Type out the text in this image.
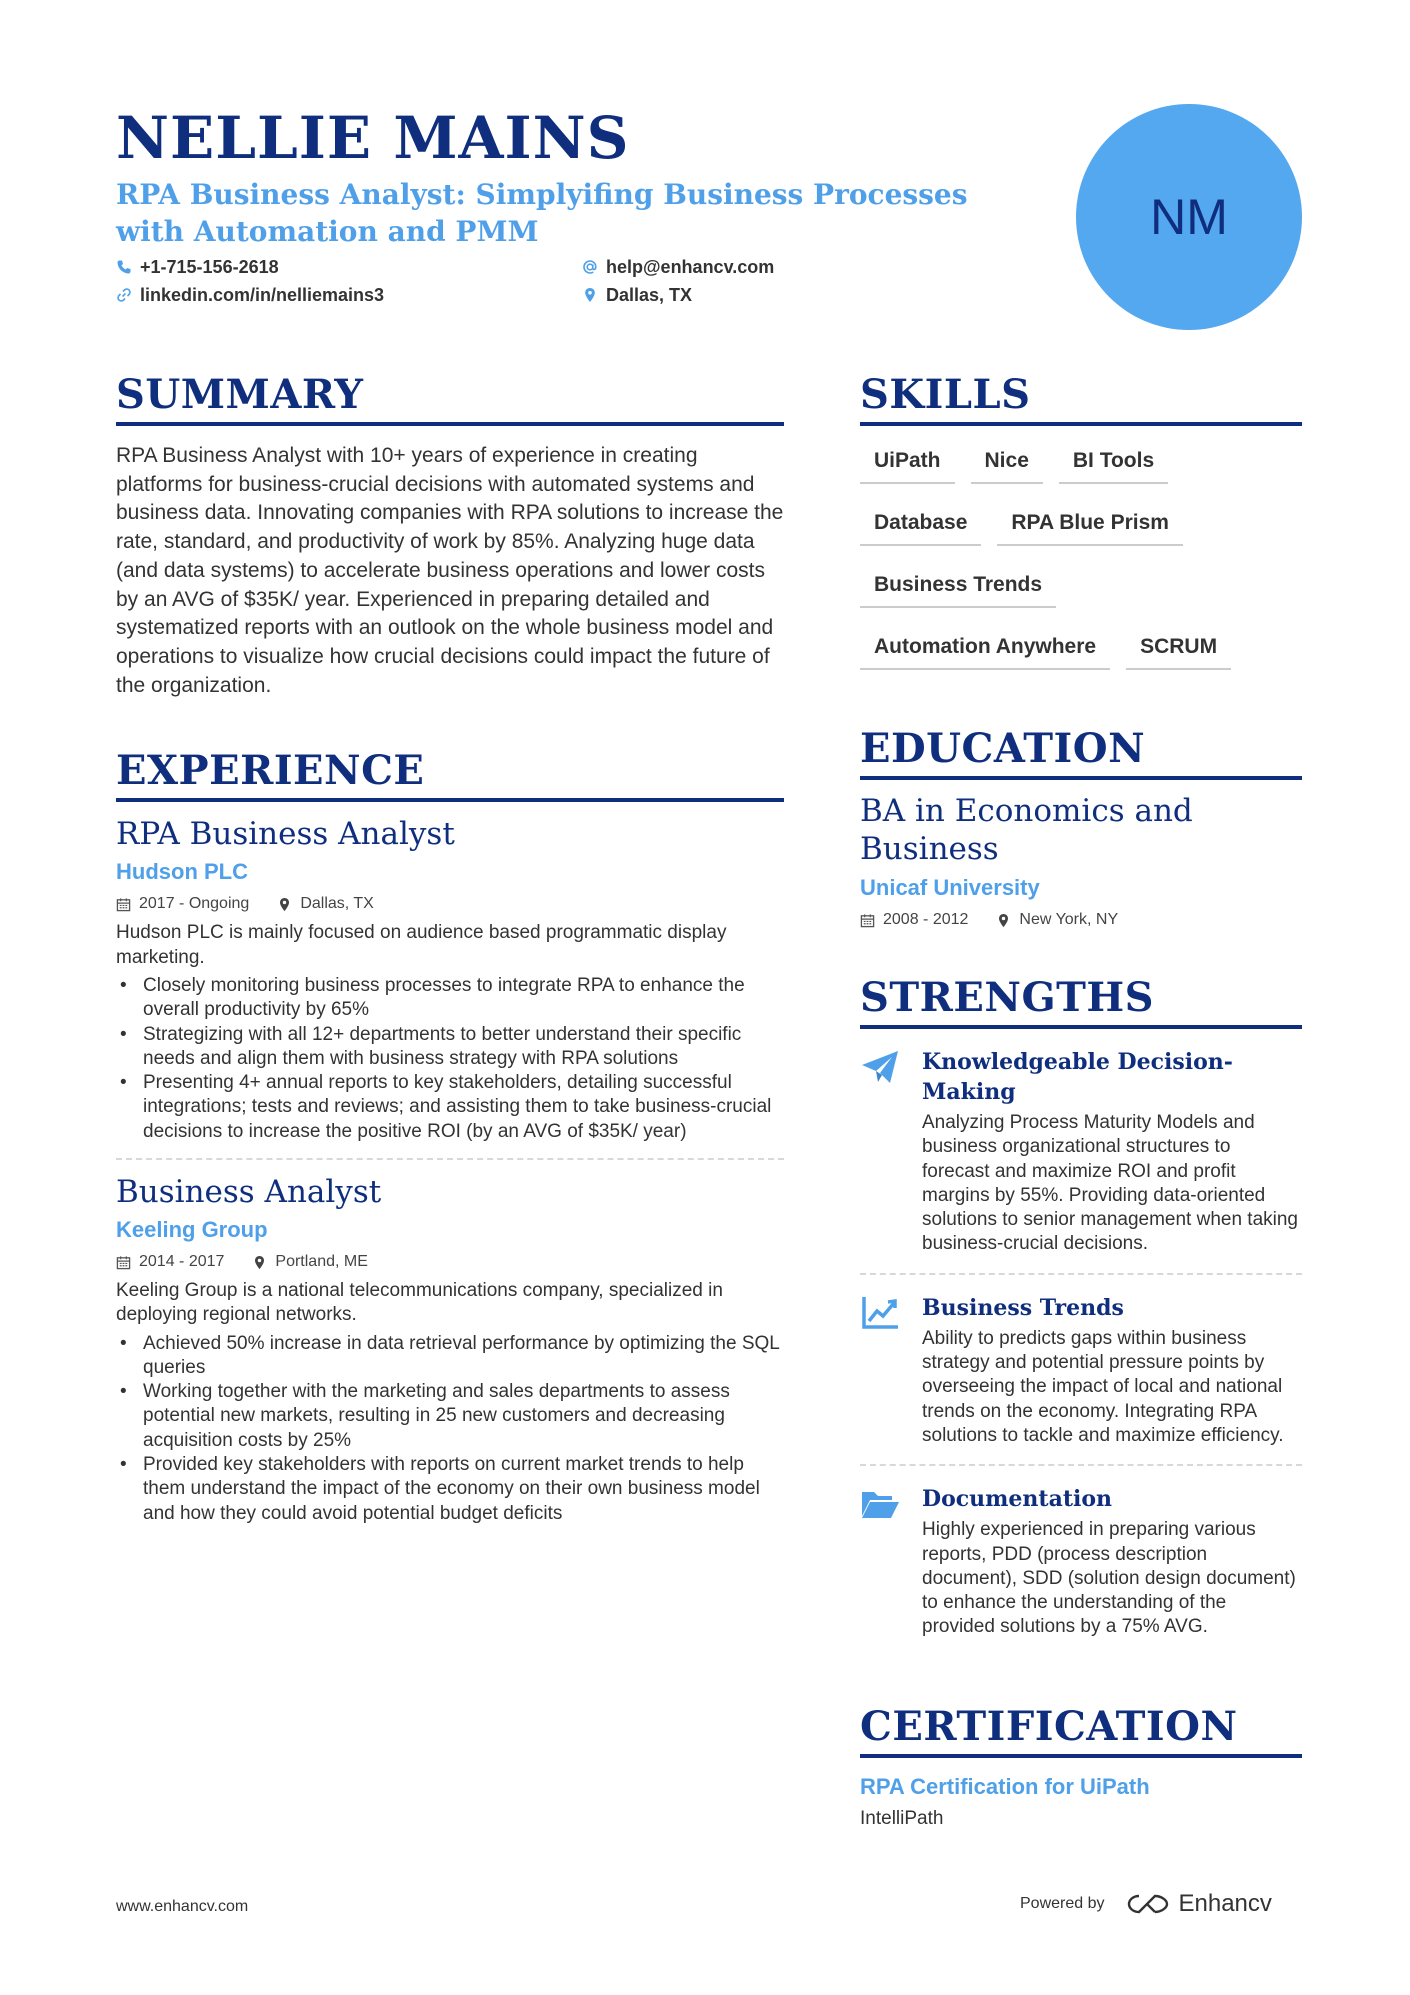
NELLIE MAINS
RPA Business Analyst: Simplyifing Business Processes with Automation and PMM
+1-715-156-2618	help@enhancv.com
linkedin.com/in/nelliemains3	Dallas, TX
NM
SUMMARY
RPA Business Analyst with 10+ years of experience in creating platforms for business-crucial decisions with automated systems and business data. Innovating companies with RPA solutions to increase the rate, standard, and productivity of work by 85%. Analyzing huge data (and data systems) to accelerate business operations and lower costs by an AVG of $35K/ year. Experienced in preparing detailed and systematized reports with an outlook on the whole business model and operations to visualize how crucial decisions could impact the future of the organization.
EXPERIENCE
RPA Business Analyst
Hudson PLC
2017 - Ongoing	Dallas, TX
Hudson PLC is mainly focused on audience based programmatic display marketing.
• Closely monitoring business processes to integrate RPA to enhance the overall productivity by 65%
• Strategizing with all 12+ departments to better understand their specific needs and align them with business strategy with RPA solutions
• Presenting 4+ annual reports to key stakeholders, detailing successful integrations; tests and reviews; and assisting them to take business-crucial decisions to increase the positive ROI (by an AVG of $35K/ year)
Business Analyst
Keeling Group
2014 - 2017	Portland, ME
Keeling Group is a national telecommunications company, specialized in deploying regional networks.
• Achieved 50% increase in data retrieval performance by optimizing the SQL queries
• Working together with the marketing and sales departments to assess potential new markets, resulting in 25 new customers and decreasing acquisition costs by 25%
• Provided key stakeholders with reports on current market trends to help them understand the impact of the economy on their own business model and how they could avoid potential budget deficits
SKILLS
UiPath	Nice	BI Tools
Database	RPA Blue Prism
Business Trends
Automation Anywhere	SCRUM
EDUCATION
BA in Economics and Business
Unicaf University
2008 - 2012	New York, NY
STRENGTHS
Knowledgeable Decision-Making
Analyzing Process Maturity Models and business organizational structures to forecast and maximize ROI and profit margins by 55%. Providing data-oriented solutions to senior management when taking business-crucial decisions.
Business Trends
Ability to predicts gaps within business strategy and potential pressure points by overseeing the impact of local and national trends on the economy. Integrating RPA solutions to tackle and maximize efficiency.
Documentation
Highly experienced in preparing various reports, PDD (process description document), SDD (solution design document) to enhance the understanding of the provided solutions by a 75% AVG.
CERTIFICATION
RPA Certification for UiPath
IntelliPath
www.enhancv.com	Powered by	Enhancv
